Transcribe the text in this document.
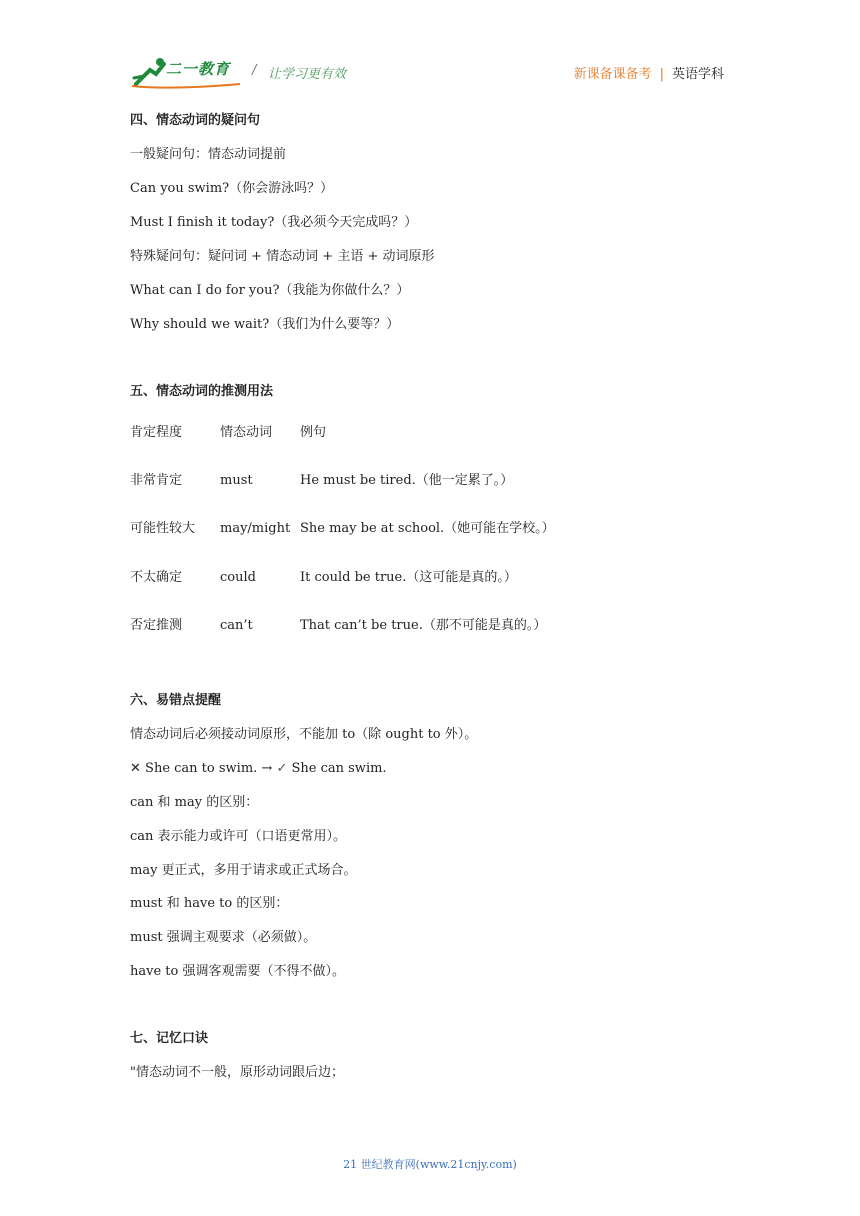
二一教育 / 让学习更有效	新课备课备考 | 英语学科
四、情态动词的疑问句
一般疑问句：情态动词提前
Can you swim?（你会游泳吗？）
Must I finish it today?（我必须今天完成吗？）
特殊疑问句：疑问词 + 情态动词 + 主语 + 动词原形
What can I do for you?（我能为你做什么？）
Why should we wait?（我们为什么要等？）
五、情态动词的推测用法
肯定程度	情态动词 例句
非常肯定	must	He must be tired.（他一定累了。）
可能性较大 may/might She may be at school.（她可能在学校。）
不太确定	could	It could be true.（这可能是真的。）
否定推测	can’t	That can’t be true.（那不可能是真的。）
六、易错点提醒
情态动词后必须接动词原形，不能加 to（除 ought to 外）。
✕ She can to swim. → ✓ She can swim.
can 和 may 的区别：
can 表示能力或许可（口语更常用）。
may 更正式，多用于请求或正式场合。
must 和 have to 的区别：
must 强调主观要求（必须做）。
have to 强调客观需要（不得不做）。
七、记忆口诀
"情态动词不一般，原形动词跟后边；
21 世纪教育网(www.21cnjy.com)
